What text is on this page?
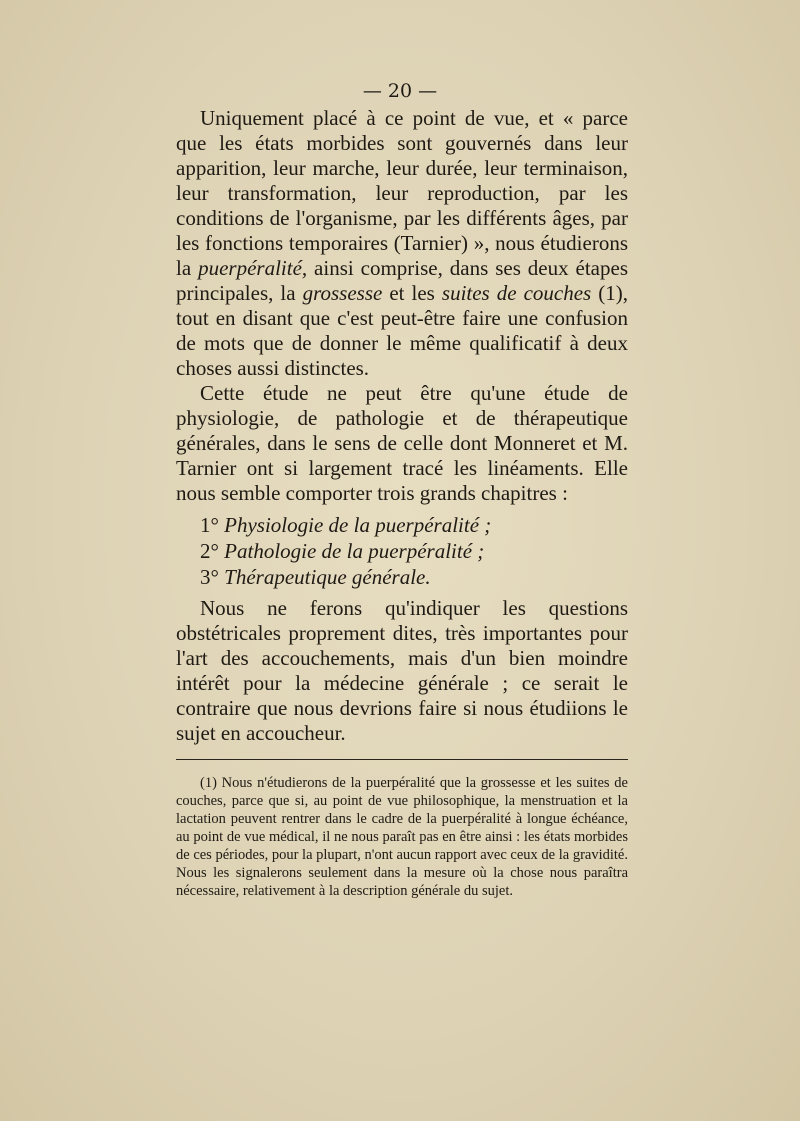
— 20 —

Uniquement placé à ce point de vue, et « parce que les états morbides sont gouvernés dans leur apparition, leur marche, leur durée, leur terminaison, leur transformation, leur reproduction, par les conditions de l'organisme, par les différents âges, par les fonctions temporaires (Tarnier) », nous étudierons la puerpéralité, ainsi comprise, dans ses deux étapes principales, la grossesse et les suites de couches (1), tout en disant que c'est peut-être faire une confusion de mots que de donner le même qualificatif à deux choses aussi distinctes.

Cette étude ne peut être qu'une étude de physiologie, de pathologie et de thérapeutique générales, dans le sens de celle dont Monneret et M. Tarnier ont si largement tracé les linéaments. Elle nous semble comporter trois grands chapitres :

1° Physiologie de la puerpéralité ;
2° Pathologie de la puerpéralité ;
3° Thérapeutique générale.

Nous ne ferons qu'indiquer les questions obstétricales proprement dites, très importantes pour l'art des accouchements, mais d'un bien moindre intérêt pour la médecine générale ; ce serait le contraire que nous devrions faire si nous étudiions le sujet en accoucheur.

(1) Nous n'étudierons de la puerpéralité que la grossesse et les suites de couches, parce que si, au point de vue philosophique, la menstruation et la lactation peuvent rentrer dans le cadre de la puerpéralité à longue échéance, au point de vue médical, il ne nous paraît pas en être ainsi : les états morbides de ces périodes, pour la plupart, n'ont aucun rapport avec ceux de la gravidité. Nous les signalerons seulement dans la mesure où la chose nous paraîtra nécessaire, relativement à la description générale du sujet.
